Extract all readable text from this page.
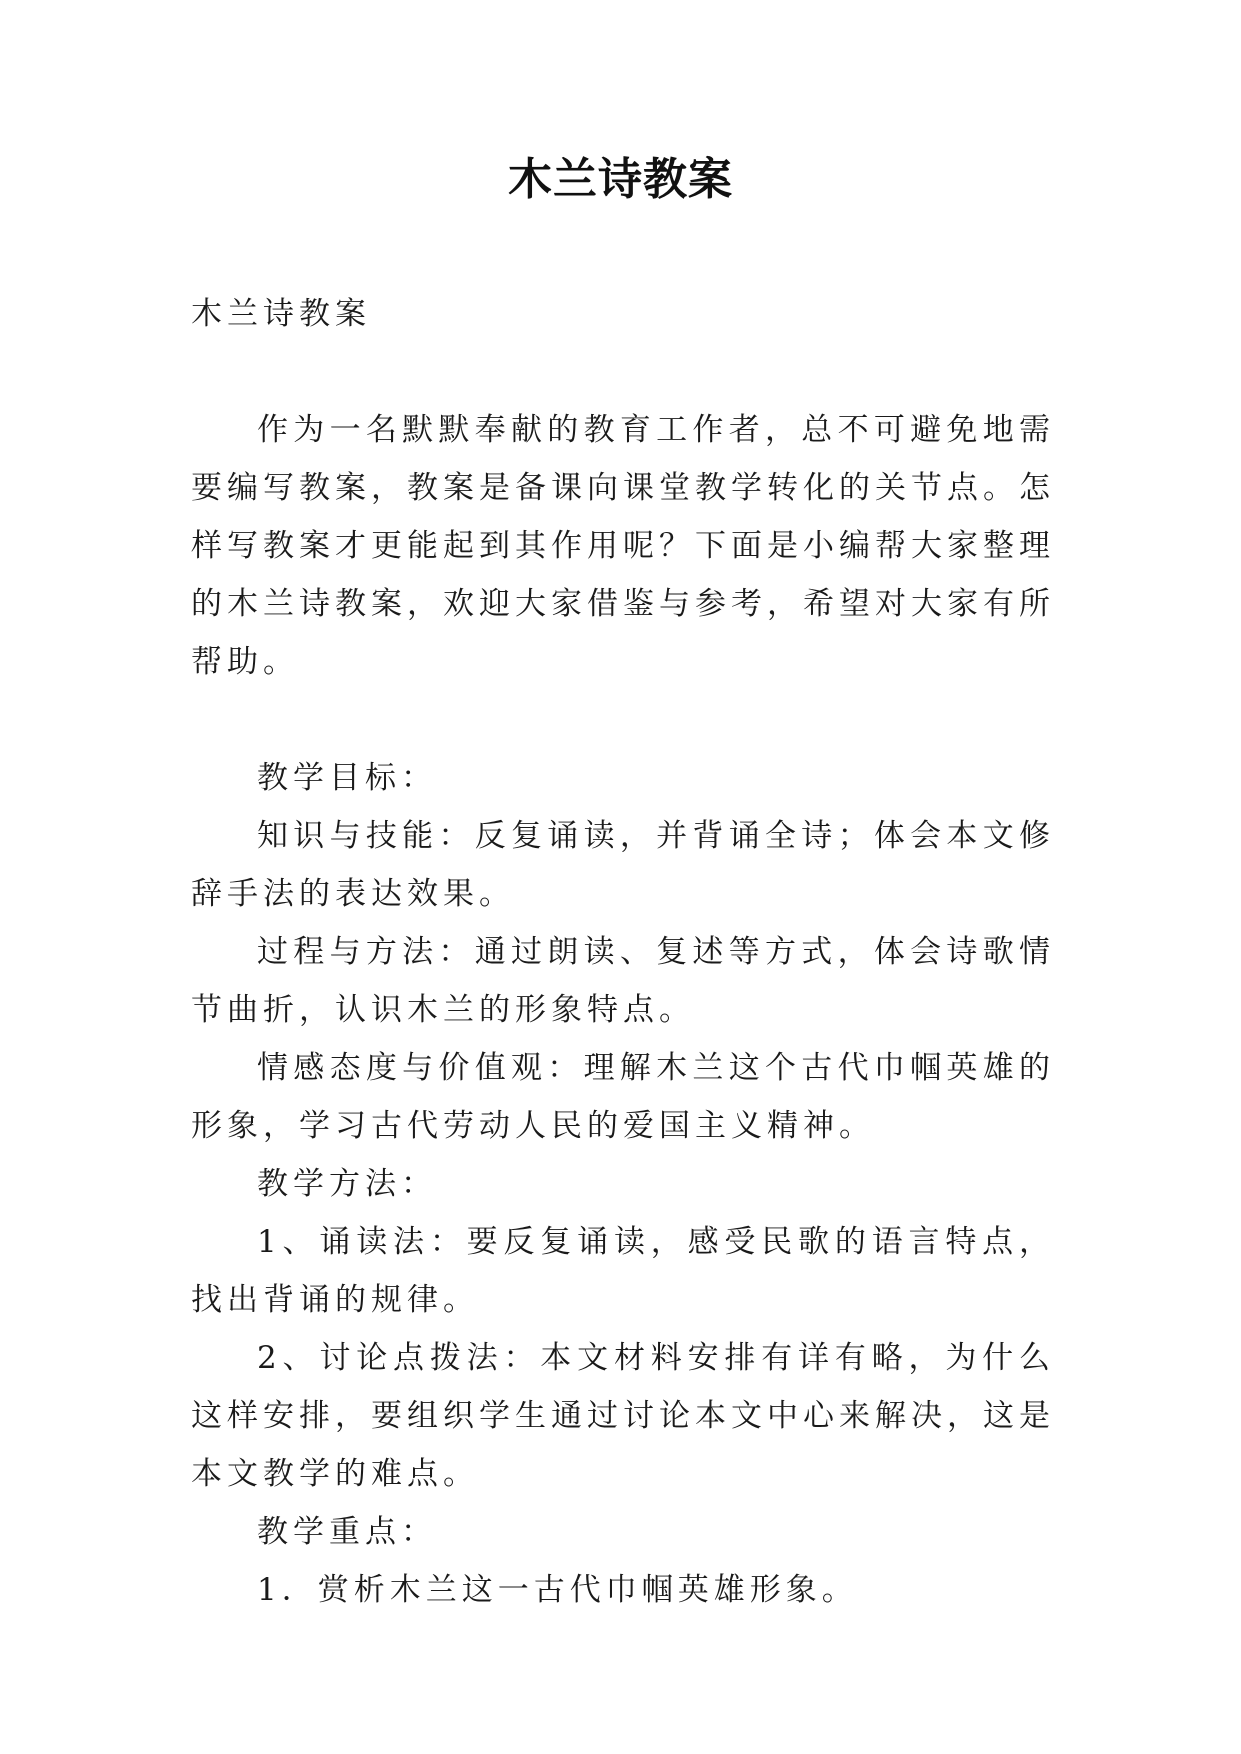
木兰诗教案

木兰诗教案

作为一名默默奉献的教育工作者，总不可避免地需要编写教案，教案是备课向课堂教学转化的关节点。怎样写教案才更能起到其作用呢？下面是小编帮大家整理的木兰诗教案，欢迎大家借鉴与参考，希望对大家有所帮助。

教学目标：

知识与技能：反复诵读，并背诵全诗；体会本文修辞手法的表达效果。

过程与方法：通过朗读、复述等方式，体会诗歌情节曲折，认识木兰的形象特点。

情感态度与价值观：理解木兰这个古代巾帼英雄的形象，学习古代劳动人民的爱国主义精神。

教学方法：

1、诵读法：要反复诵读，感受民歌的语言特点，找出背诵的规律。

2、讨论点拨法：本文材料安排有详有略，为什么这样安排，要组织学生通过讨论本文中心来解决，这是本文教学的难点。

教学重点：

1．赏析木兰这一古代巾帼英雄形象。
